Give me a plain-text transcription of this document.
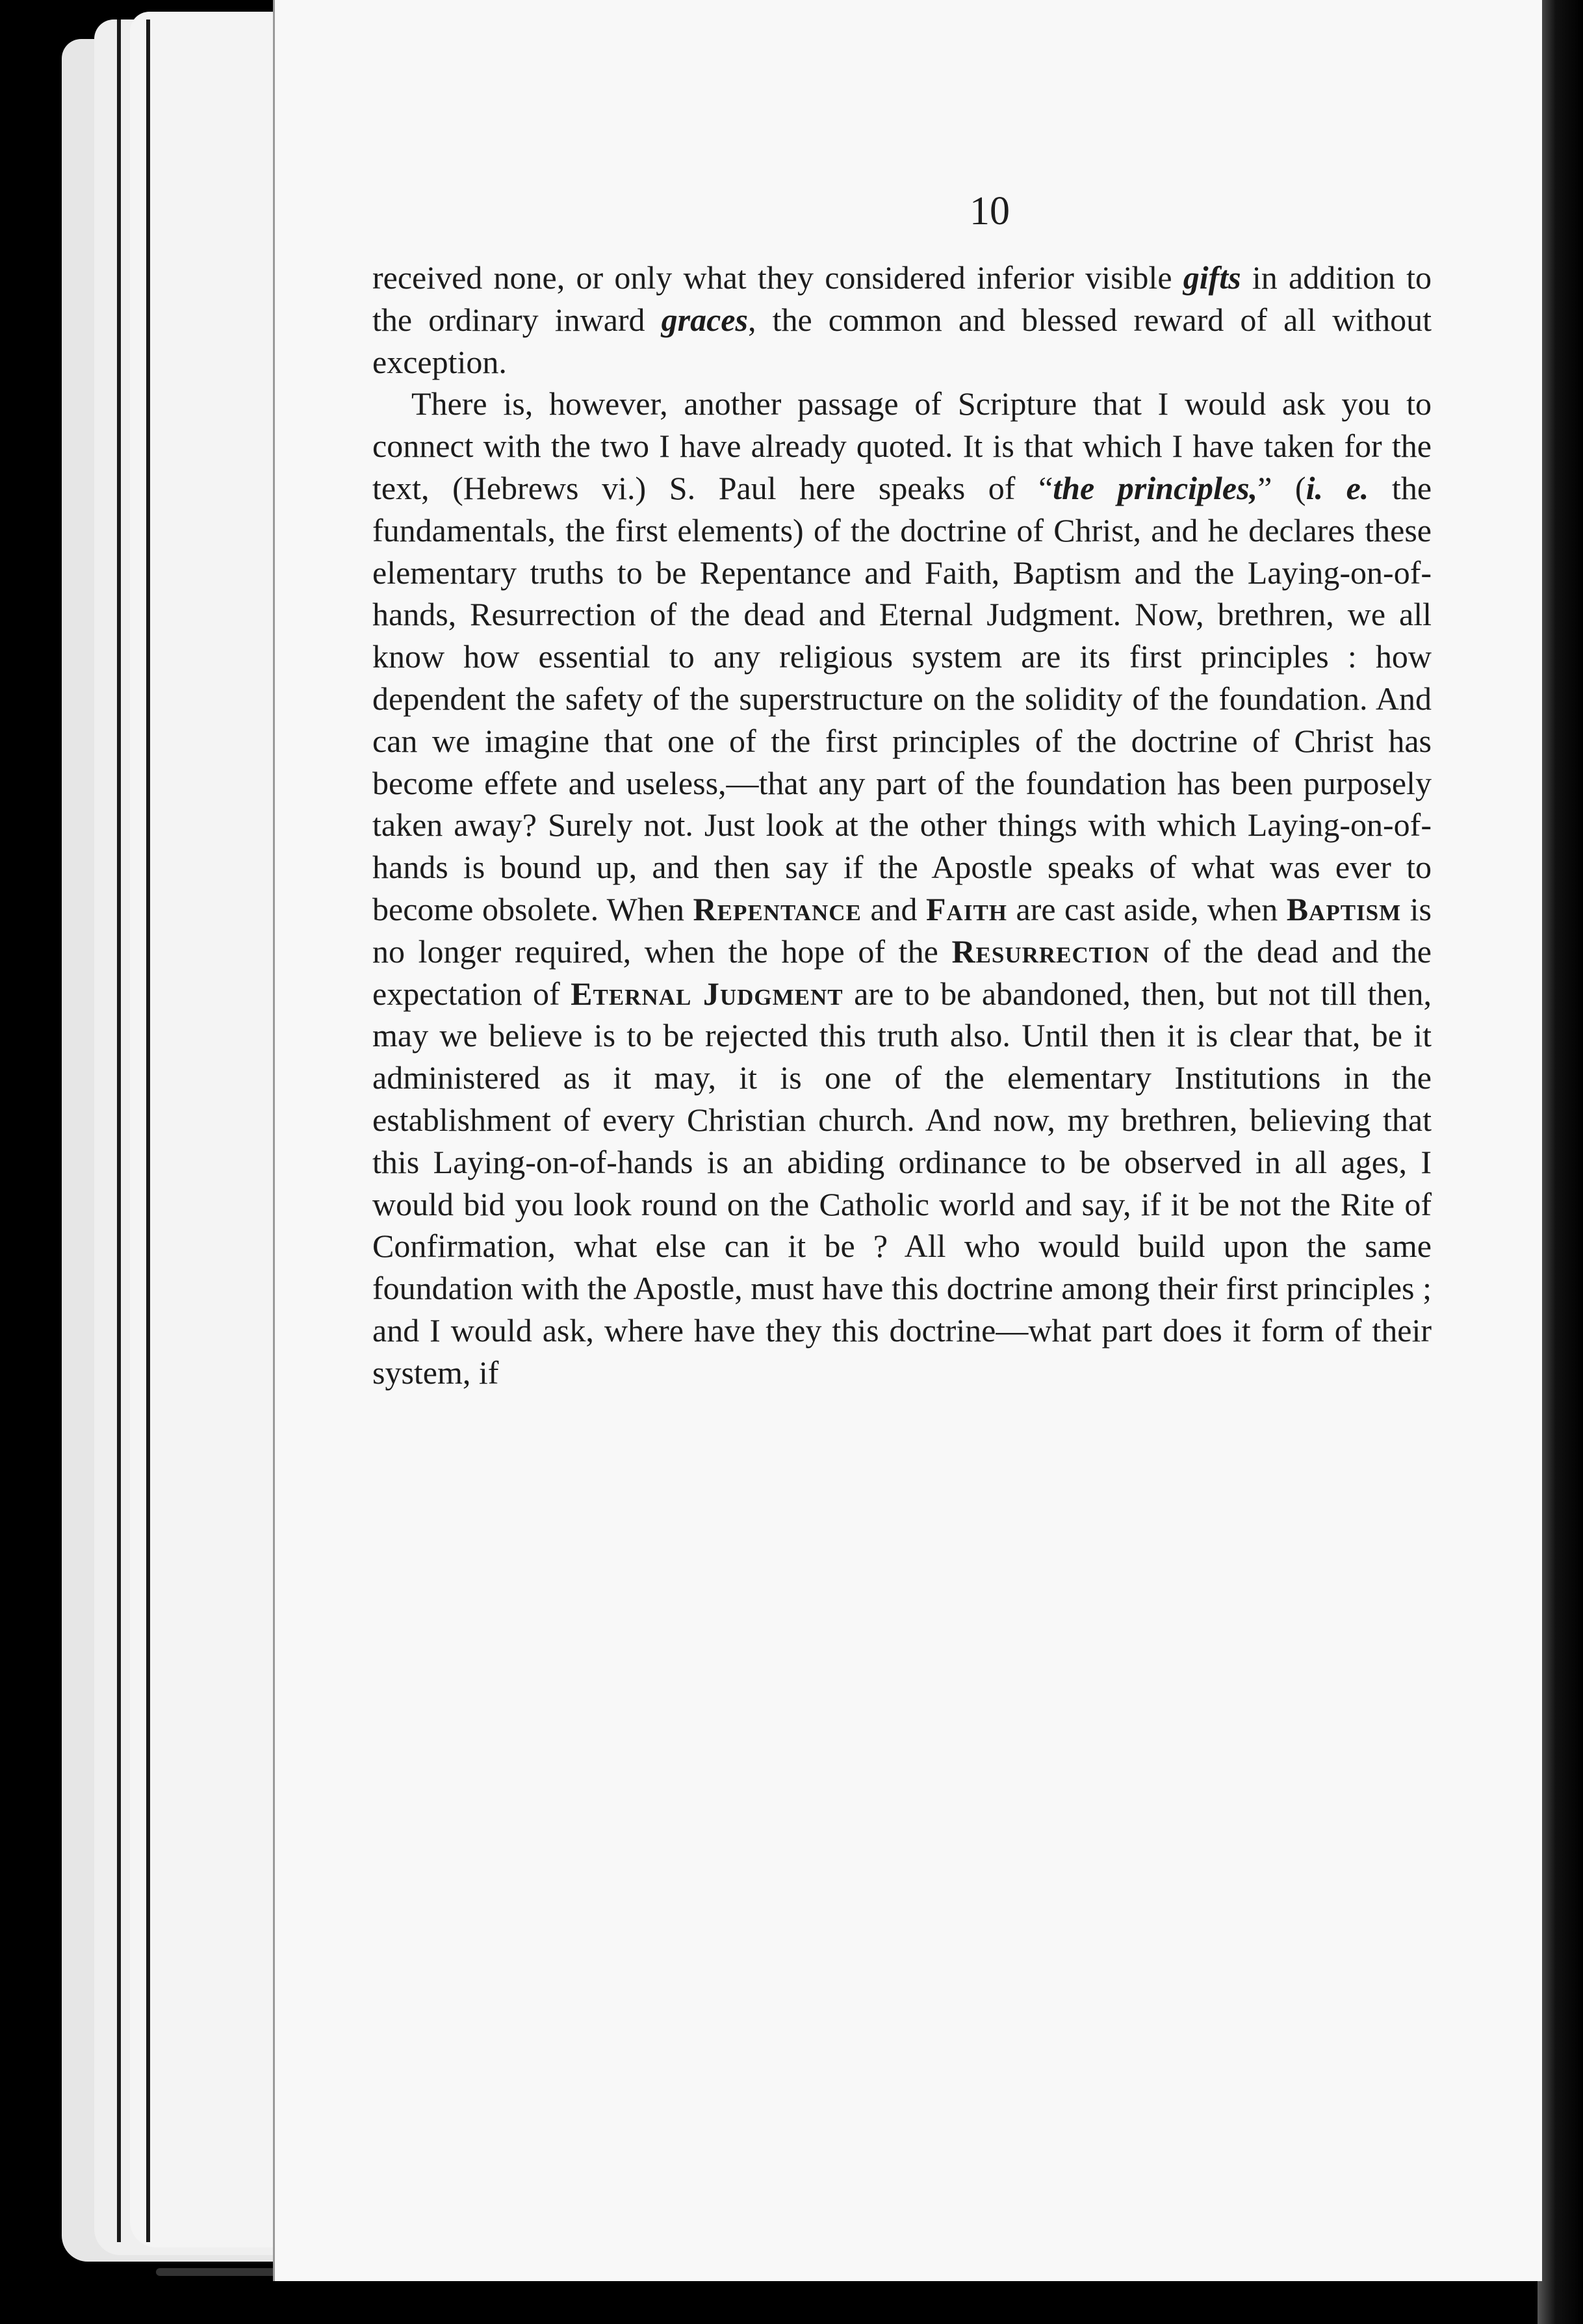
10

received none, or only what they considered inferior visible gifts in addition to the ordinary inward graces, the common and blessed reward of all without exception.

There is, however, another passage of Scripture that I would ask you to connect with the two I have already quoted. It is that which I have taken for the text, (Hebrews vi.) S. Paul here speaks of “the principles,” (i. e. the fundamentals, the first elements) of the doctrine of Christ, and he declares these elementary truths to be Repentance and Faith, Baptism and the Laying-on-of-hands, Resurrection of the dead and Eternal Judgment. Now, brethren, we all know how essential to any religious system are its first principles : how dependent the safety of the superstructure on the solidity of the foundation. And can we imagine that one of the first principles of the doctrine of Christ has become effete and useless,—that any part of the foundation has been purposely taken away? Surely not. Just look at the other things with which Laying-on-of-hands is bound up, and then say if the Apostle speaks of what was ever to become obsolete. When Repentance and Faith are cast aside, when Baptism is no longer required, when the hope of the Resurrection of the dead and the expectation of Eternal Judgment are to be abandoned, then, but not till then, may we believe is to be rejected this truth also. Until then it is clear that, be it administered as it may, it is one of the elementary Institutions in the establishment of every Christian church. And now, my brethren, believing that this Laying-on-of-hands is an abiding ordinance to be observed in all ages, I would bid you look round on the Catholic world and say, if it be not the Rite of Confirmation, what else can it be ? All who would build upon the same foundation with the Apostle, must have this doctrine among their first principles ; and I would ask, where have they this doctrine—what part does it form of their system, if
